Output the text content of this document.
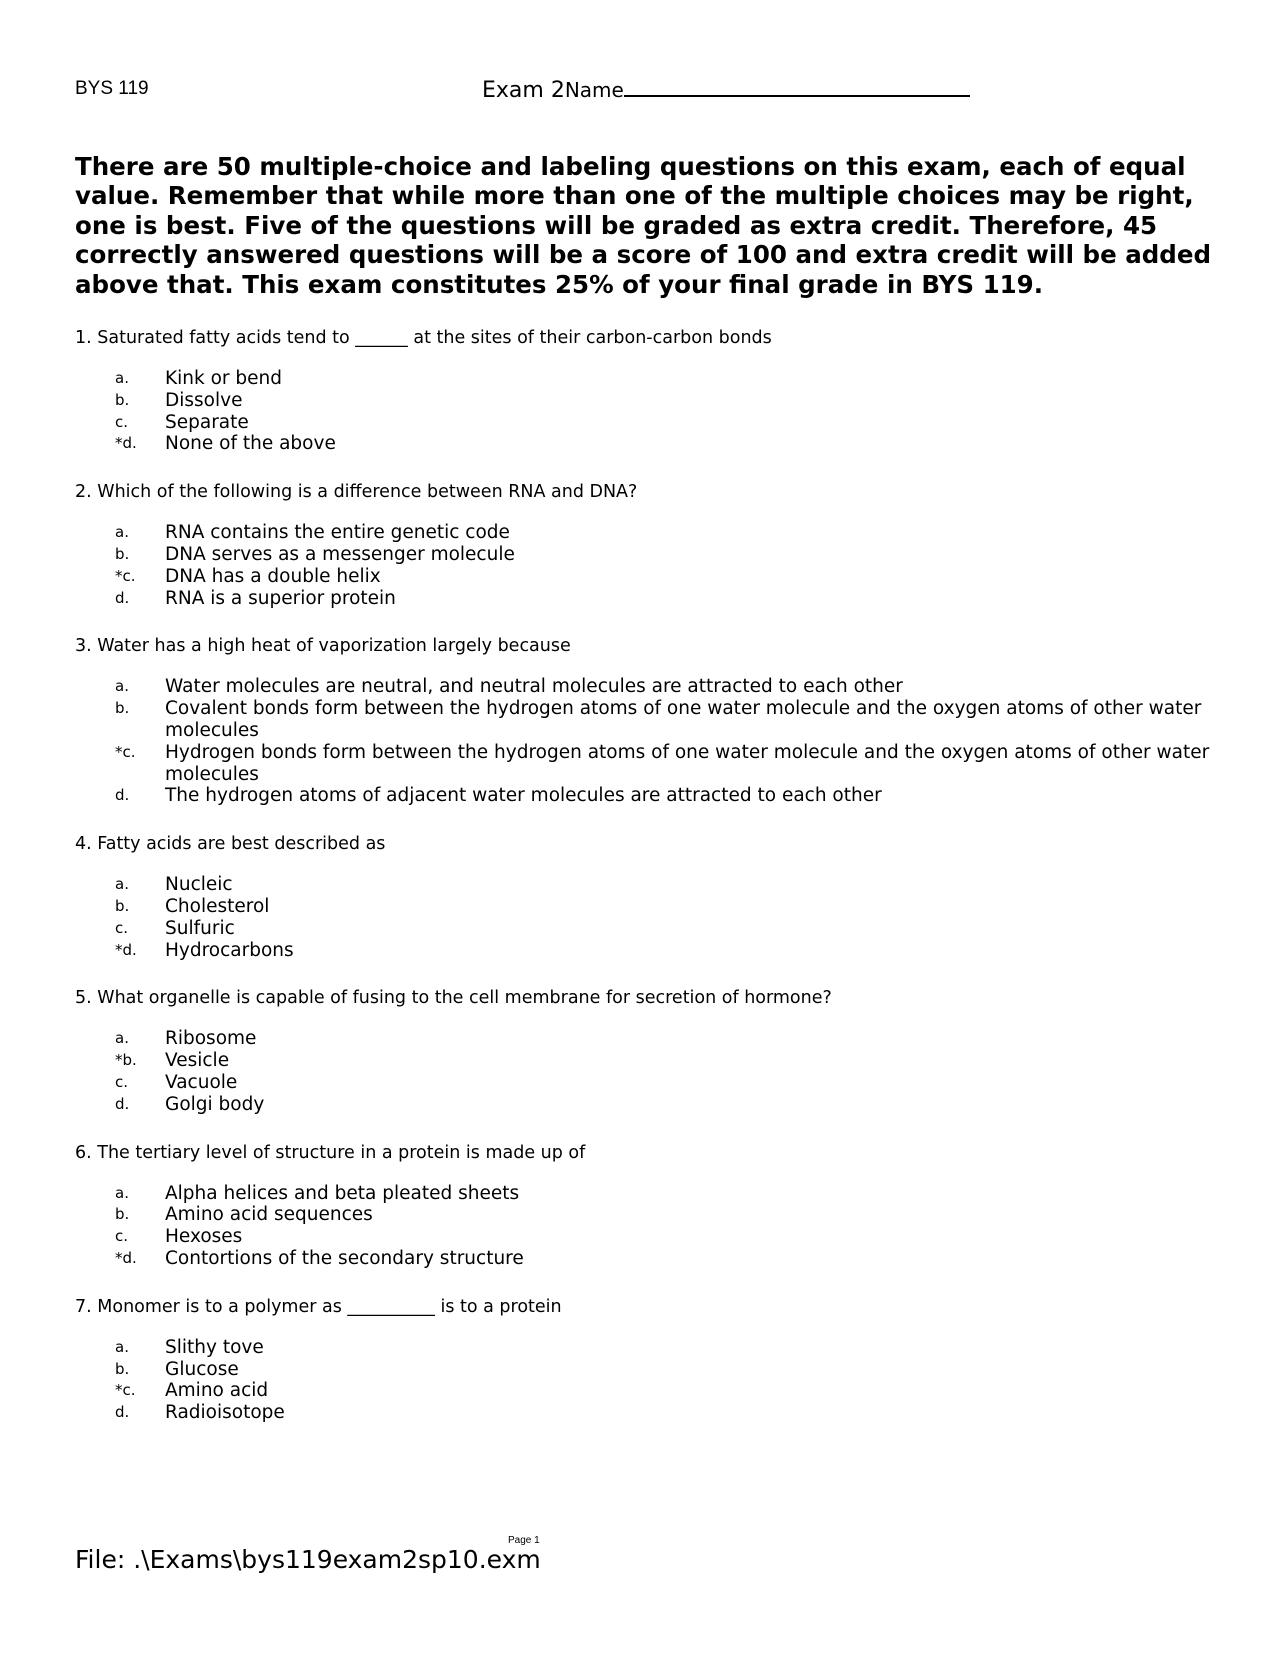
BYS 119	Exam 2Name

There are 50 multiple-choice and labeling questions on this exam, each of equal value. Remember that while more than one of the multiple choices may be right, one is best. Five of the questions will be graded as extra credit. Therefore, 45 correctly answered questions will be a score of 100 and extra credit will be added above that. This exam constitutes 25% of your final grade in BYS 119.

1. Saturated fatty acids tend to ______ at the sites of their carbon-carbon bonds
a.	Kink or bend
b.	Dissolve
c.	Separate
*d.	None of the above
2. Which of the following is a difference between RNA and DNA?
a.	RNA contains the entire genetic code
b.	DNA serves as a messenger molecule
*c.	DNA has a double helix
d.	RNA is a superior protein
3. Water has a high heat of vaporization largely because
a.	Water molecules are neutral, and neutral molecules are attracted to each other
b.	Covalent bonds form between the hydrogen atoms of one water molecule and the oxygen atoms of other water molecules
*c.	Hydrogen bonds form between the hydrogen atoms of one water molecule and the oxygen atoms of other water molecules
d.	The hydrogen atoms of adjacent water molecules are attracted to each other
4. Fatty acids are best described as
a.	Nucleic
b.	Cholesterol
c.	Sulfuric
*d.	Hydrocarbons
5. What organelle is capable of fusing to the cell membrane for secretion of hormone?
a.	Ribosome
*b.	Vesicle
c.	Vacuole
d.	Golgi body
6. The tertiary level of structure in a protein is made up of
a.	Alpha helices and beta pleated sheets
b.	Amino acid sequences
c.	Hexoses
*d.	Contortions of the secondary structure
7. Monomer is to a polymer as __________ is to a protein
a.	Slithy tove
b.	Glucose
*c.	Amino acid
d.	Radioisotope
Page 1
File: .\Exams\bys119exam2sp10.exm
